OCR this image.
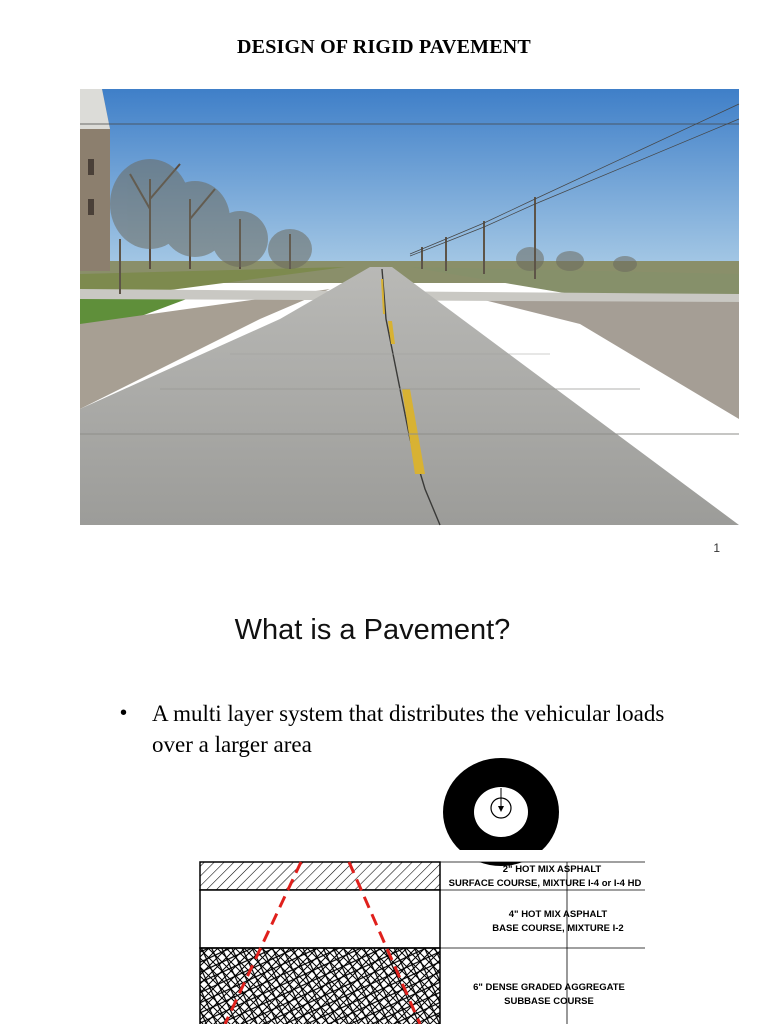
DESIGN OF RIGID PAVEMENT
1
What is a Pavement?
• A multi layer system that distributes the vehicular loads over a larger area
LOAD, W
2" HOT MIX ASPHALT
SURFACE COURSE, MIXTURE I-4 or I-4 HD
4" HOT MIX ASPHALT
BASE COURSE, MIXTURE I-2
6" DENSE GRADED AGGREGATE
SUBBASE COURSE
